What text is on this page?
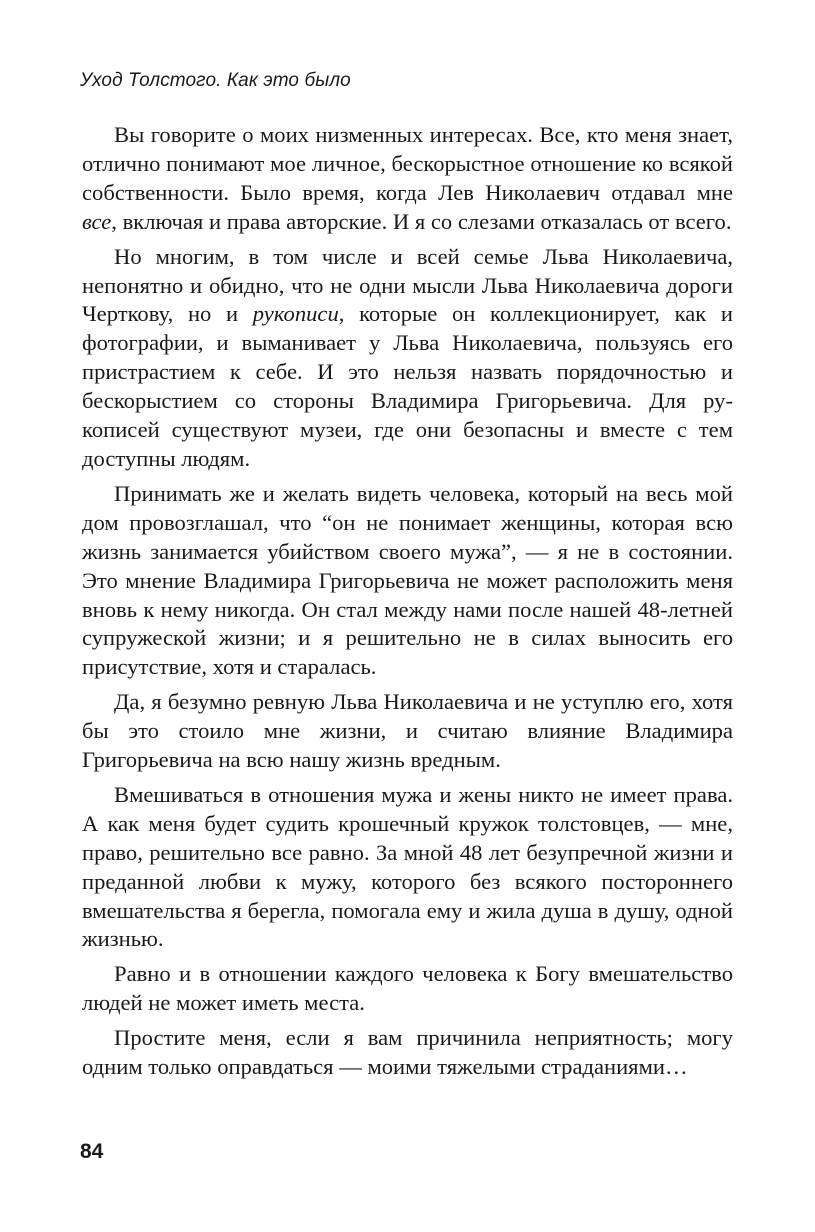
Уход Толстого. Как это было

Вы говорите о моих низменных интересах. Все, кто меня знает, отлично понимают мое личное, бескорыстное отношение ко всякой собственности. Было время, когда Лев Николаевич отдавал мне все, включая и права авторские. И я со слезами отказалась от всего.

Но многим, в том числе и всей семье Льва Николаевича, непонятно и обидно, что не одни мысли Льва Николаевича дороги Черткову, но и рукописи, которые он коллекционирует, как и фотографии, и выманивает у Льва Николаевича, пользуясь его пристрастием к себе. И это нельзя назвать порядочностью и бескорыстием со стороны Владимира Григорьевича. Для рукописей существуют музеи, где они безопасны и вместе с тем доступны людям.

Принимать же и желать видеть человека, который на весь мой дом провозглашал, что “он не понимает женщины, которая всю жизнь занимается убийством своего мужа”, — я не в состоянии. Это мнение Владимира Григорьевича не может расположить меня вновь к нему никогда. Он стал между нами после нашей 48-летней супружеской жизни; и я решительно не в силах выносить его присутствие, хотя и старалась.

Да, я безумно ревную Льва Николаевича и не уступлю его, хотя бы это стоило мне жизни, и считаю влияние Владимира Григорьевича на всю нашу жизнь вредным.

Вмешиваться в отношения мужа и жены никто не имеет права. А как меня будет судить крошечный кружок толстовцев, — мне, право, решительно все равно. За мной 48 лет безупречной жизни и преданной любви к мужу, которого без всякого постороннего вмешательства я берегла, помогала ему и жила душа в душу, одной жизнью.

Равно и в отношении каждого человека к Богу вмешательство людей не может иметь места.

Простите меня, если я вам причинила неприятность; могу одним только оправдаться — моими тяжелыми страданиями…

84
